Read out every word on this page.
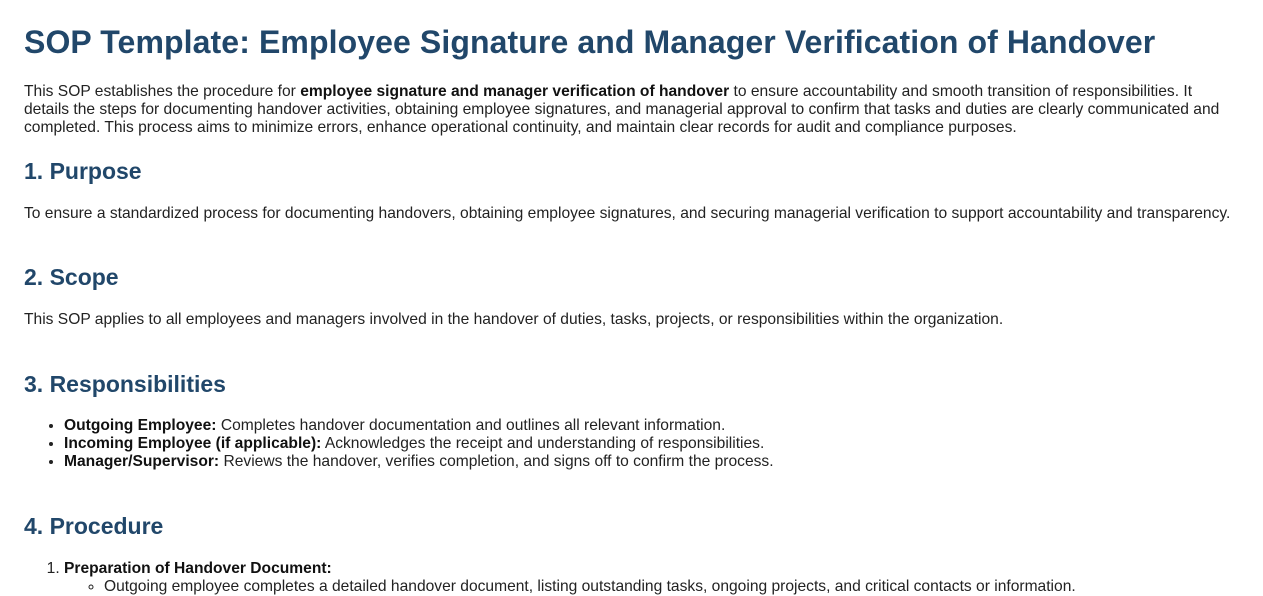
SOP Template: Employee Signature and Manager Verification of Handover

This SOP establishes the procedure for employee signature and manager verification of handover to ensure accountability and smooth transition of responsibilities. It details the steps for documenting handover activities, obtaining employee signatures, and managerial approval to confirm that tasks and duties are clearly communicated and completed. This process aims to minimize errors, enhance operational continuity, and maintain clear records for audit and compliance purposes.

1. Purpose

To ensure a standardized process for documenting handovers, obtaining employee signatures, and securing managerial verification to support accountability and transparency.

2. Scope

This SOP applies to all employees and managers involved in the handover of duties, tasks, projects, or responsibilities within the organization.

3. Responsibilities
• Outgoing Employee: Completes handover documentation and outlines all relevant information.
• Incoming Employee (if applicable): Acknowledges the receipt and understanding of responsibilities.
• Manager/Supervisor: Reviews the handover, verifies completion, and signs off to confirm the process.
4. Procedure
1. Preparation of Handover Document:
◦ Outgoing employee completes a detailed handover document, listing outstanding tasks, ongoing projects, and critical contacts or information.
